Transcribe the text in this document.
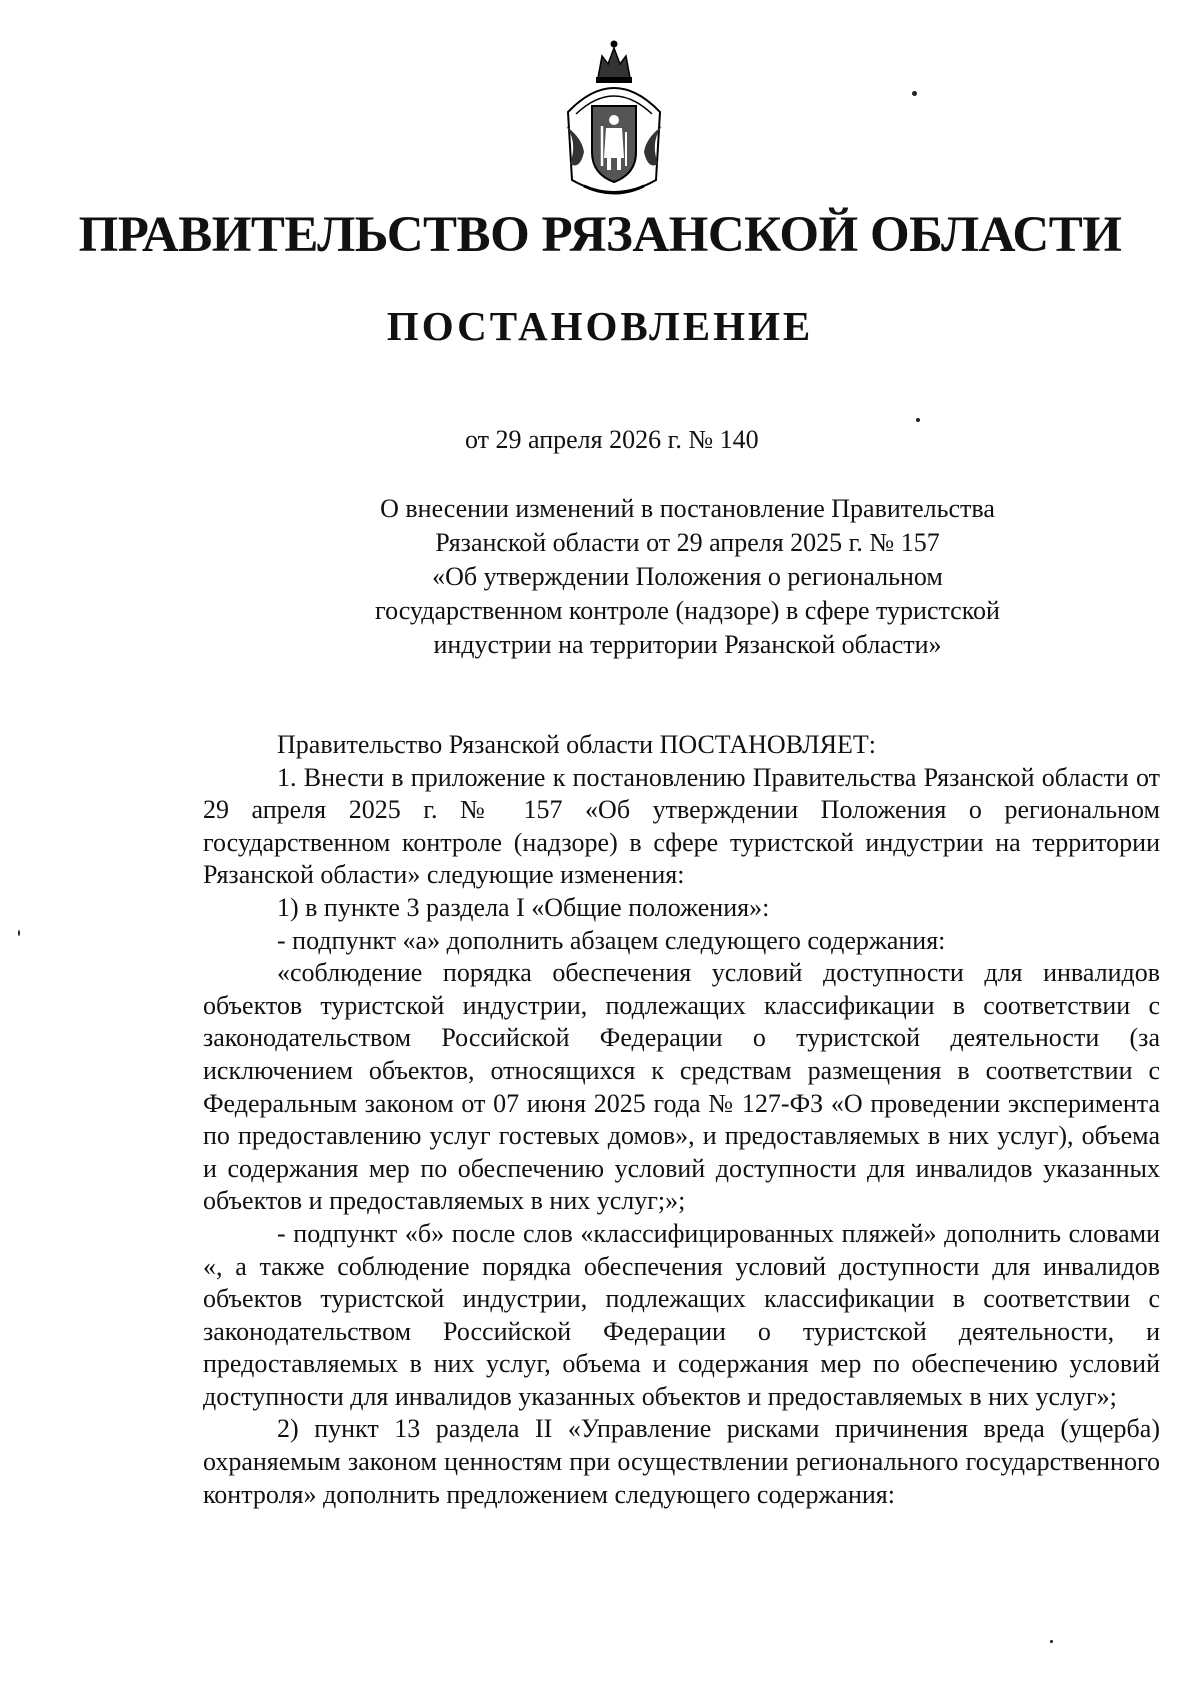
ПРАВИТЕЛЬСТВО РЯЗАНСКОЙ ОБЛАСТИ
ПОСТАНОВЛЕНИЕ
от 29 апреля 2026 г. № 140
О внесении изменений в постановление Правительства
Рязанской области от 29 апреля 2025 г. № 157
«Об утверждении Положения о региональном
государственном контроле (надзоре) в сфере туристской
индустрии на территории Рязанской области»

Правительство Рязанской области ПОСТАНОВЛЯЕТ:

1. Внести в приложение к постановлению Правительства Рязанской области от 29 апреля 2025 г. № 157 «Об утверждении Положения о региональном государственном контроле (надзоре) в сфере туристской индустрии на территории Рязанской области» следующие изменения:

1) в пункте 3 раздела I «Общие положения»:

- подпункт «а» дополнить абзацем следующего содержания:

«соблюдение порядка обеспечения условий доступности для инвалидов объектов туристской индустрии, подлежащих классификации в соответствии с законодательством Российской Федерации о туристской деятельности (за исключением объектов, относящихся к средствам размещения в соответствии с Федеральным законом от 07 июня 2025 года № 127-ФЗ «О проведении эксперимента по предоставлению услуг гостевых домов», и предоставляемых в них услуг), объема и содержания мер по обеспечению условий доступности для инвалидов указанных объектов и предоставляемых в них услуг;»;

- подпункт «б» после слов «классифицированных пляжей» дополнить словами «, а также соблюдение порядка обеспечения условий доступности для инвалидов объектов туристской индустрии, подлежащих классификации в соответствии с законодательством Российской Федерации о туристской деятельности, и предоставляемых в них услуг, объема и содержания мер по обеспечению условий доступности для инвалидов указанных объектов и предоставляемых в них услуг»;

2) пункт 13 раздела II «Управление рисками причинения вреда (ущерба) охраняемым законом ценностям при осуществлении регионального государственного контроля» дополнить предложением следующего содержания:
